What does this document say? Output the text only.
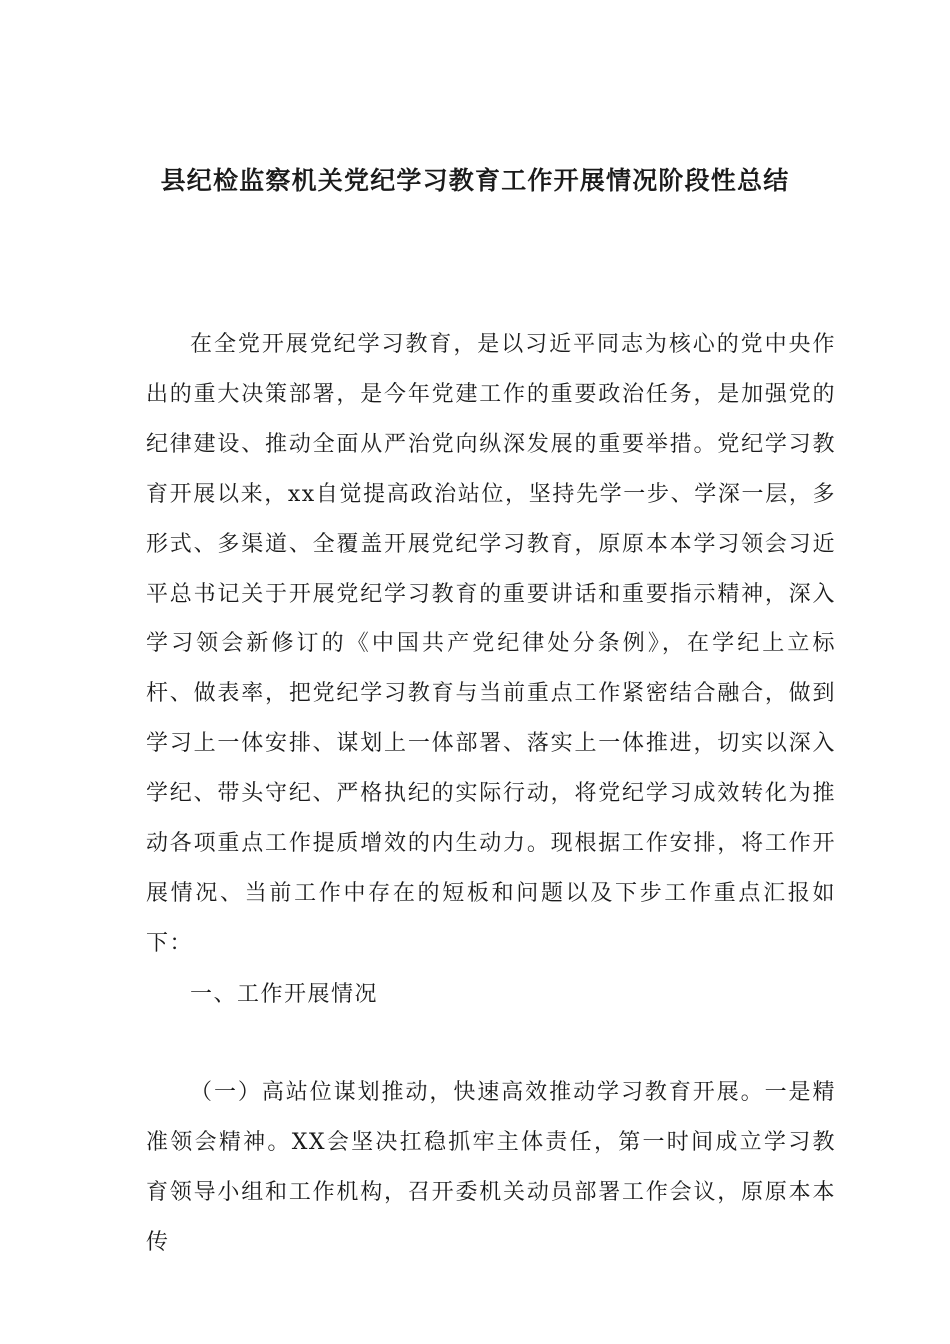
县纪检监察机关党纪学习教育工作开展情况阶段性总结

在全党开展党纪学习教育，是以习近平同志为核心的党中央作出的重大决策部署，是今年党建工作的重要政治任务，是加强党的纪律建设、推动全面从严治党向纵深发展的重要举措。党纪学习教育开展以来，xx自觉提高政治站位，坚持先学一步、学深一层，多形式、多渠道、全覆盖开展党纪学习教育，原原本本学习领会习近平总书记关于开展党纪学习教育的重要讲话和重要指示精神，深入学习领会新修订的《中国共产党纪律处分条例》，在学纪上立标杆、做表率，把党纪学习教育与当前重点工作紧密结合融合，做到学习上一体安排、谋划上一体部署、落实上一体推进，切实以深入学纪、带头守纪、严格执纪的实际行动，将党纪学习成效转化为推动各项重点工作提质增效的内生动力。现根据工作安排，将工作开展情况、当前工作中存在的短板和问题以及下步工作重点汇报如下：

一、工作开展情况

（一）高站位谋划推动，快速高效推动学习教育开展。一是精准领会精神。XX会坚决扛稳抓牢主体责任，第一时间成立学习教育领导小组和工作机构，召开委机关动员部署工作会议，原原本本传
